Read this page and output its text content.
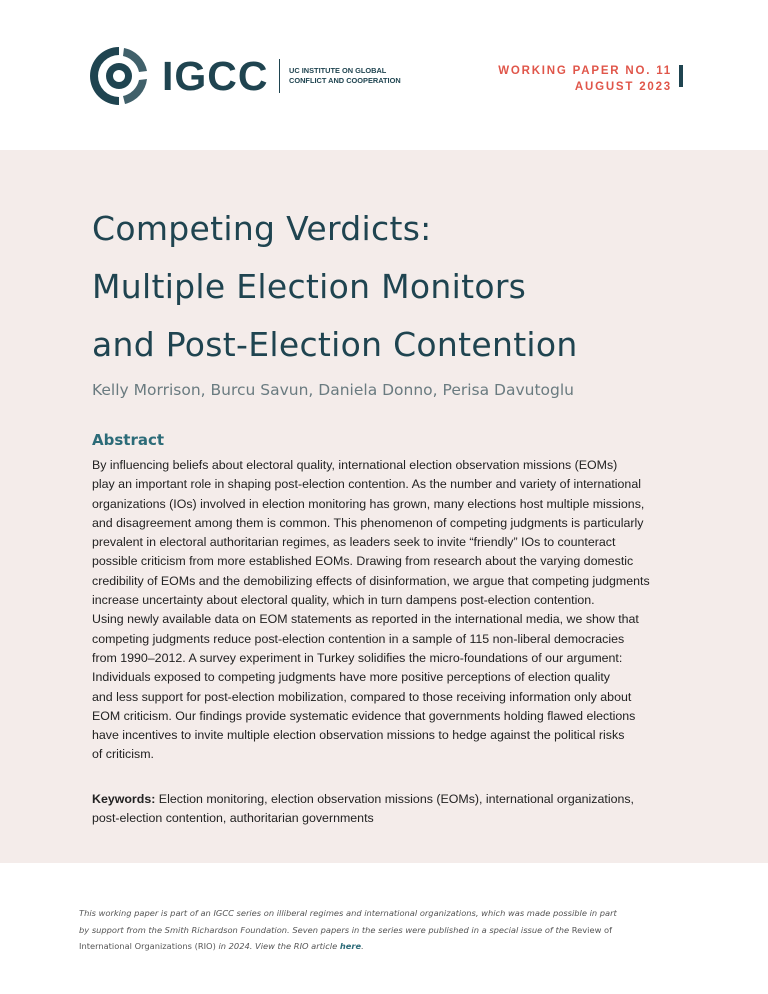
IGCC	UC INSTITUTE ON GLOBAL
CONFLICT AND COOPERATION
WORKING PAPER NO. 11
AUGUST 2023
Competing Verdicts:
Multiple Election Monitors
and Post-Election Contention
Kelly Morrison, Burcu Savun, Daniela Donno, Perisa Davutoglu
Abstract

By influencing beliefs about electoral quality, international election observation missions (EOMs)
play an important role in shaping post-election contention. As the number and variety of international
organizations (IOs) involved in election monitoring has grown, many elections host multiple missions,
and disagreement among them is common. This phenomenon of competing judgments is particularly
prevalent in electoral authoritarian regimes, as leaders seek to invite “friendly” IOs to counteract
possible criticism from more established EOMs. Drawing from research about the varying domestic
credibility of EOMs and the demobilizing effects of disinformation, we argue that competing judgments
increase uncertainty about electoral quality, which in turn dampens post-election contention.
Using newly available data on EOM statements as reported in the international media, we show that
competing judgments reduce post-election contention in a sample of 115 non-liberal democracies
from 1990–2012. A survey experiment in Turkey solidifies the micro-foundations of our argument:
Individuals exposed to competing judgments have more positive perceptions of election quality
and less support for post-election mobilization, compared to those receiving information only about
EOM criticism. Our findings provide systematic evidence that governments holding flawed elections
have incentives to invite multiple election observation missions to hedge against the political risks
of criticism.

Keywords: Election monitoring, election observation missions (EOMs), international organizations,
post-election contention, authoritarian governments

This working paper is part of an IGCC series on illiberal regimes and international organizations, which was made possible in part
by support from the Smith Richardson Foundation. Seven papers in the series were published in a special issue of the Review of
International Organizations (RIO) in 2024. View the RIO article here.
